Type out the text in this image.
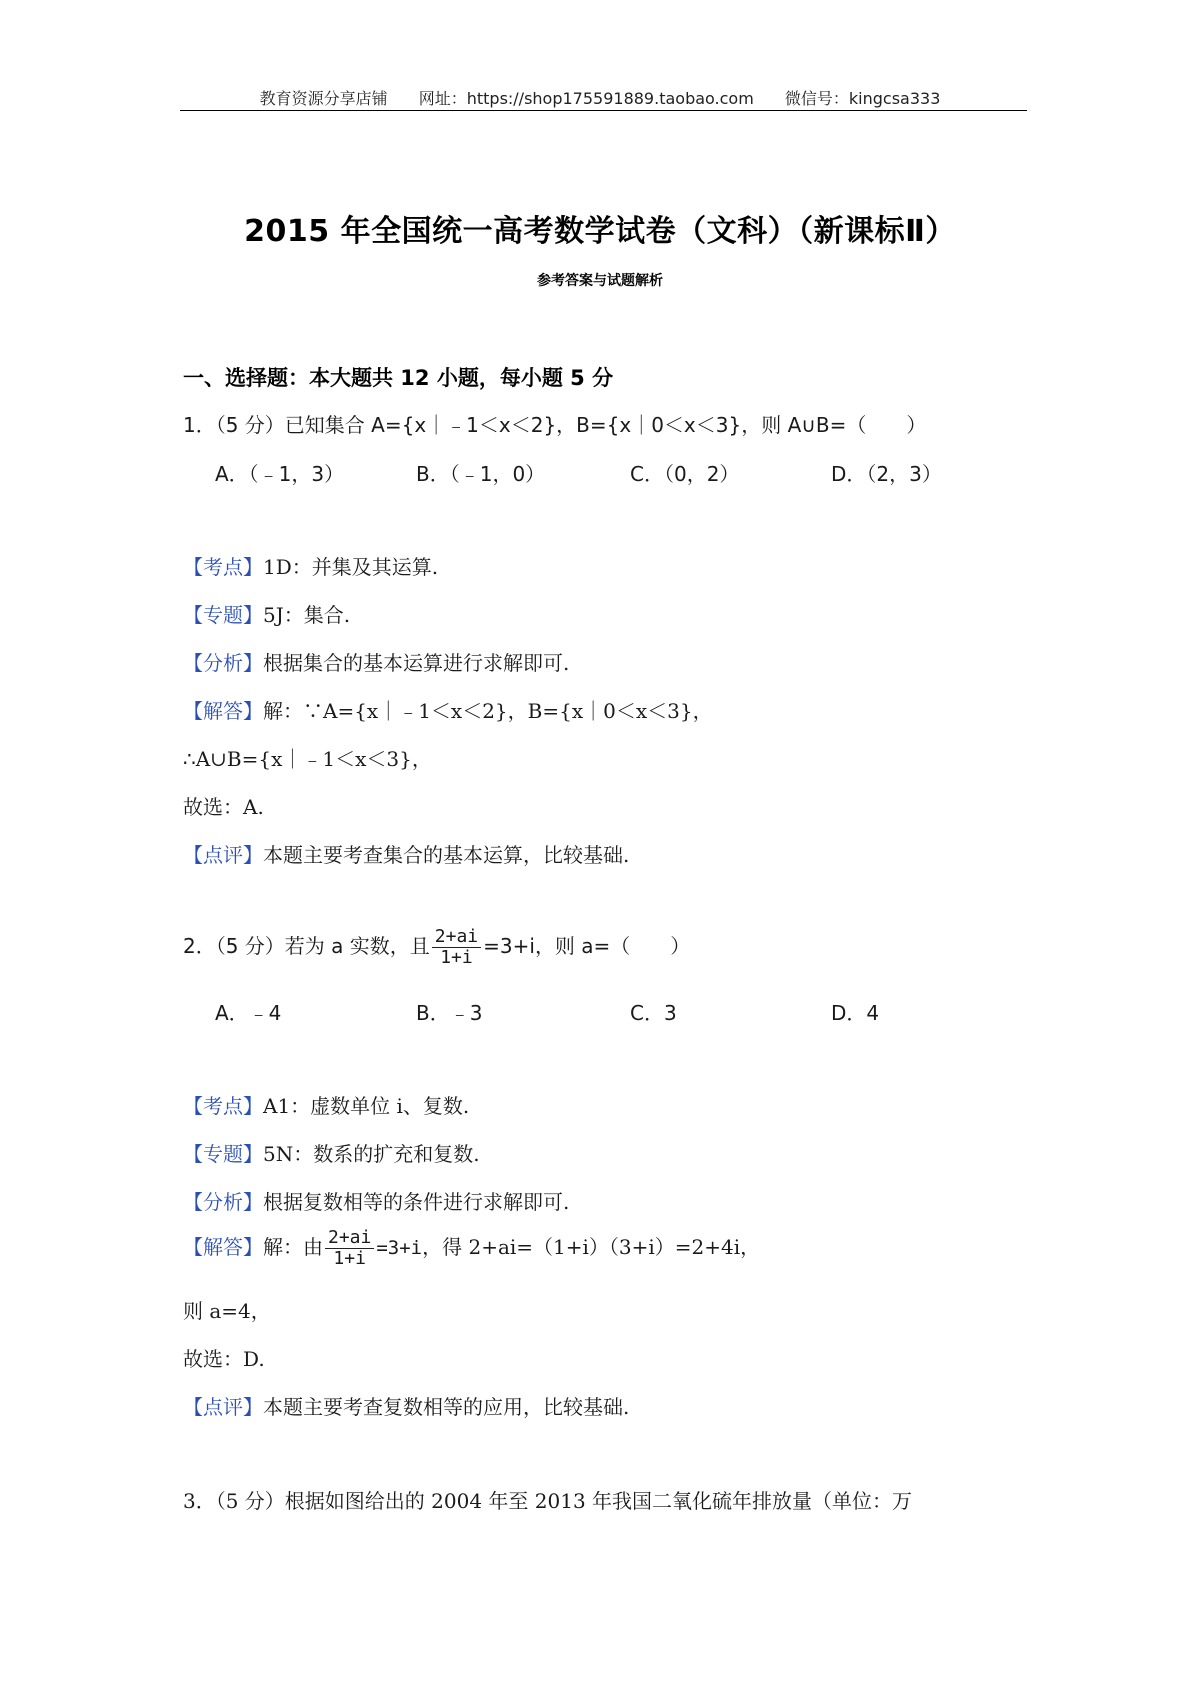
教育资源分享店铺 网址：https://shop175591889.taobao.com 微信号：kingcsa333
2015 年全国统一高考数学试卷（文科）（新课标Ⅱ）
参考答案与试题解析
一、选择题：本大题共 12 小题，每小题 5 分
1．（5 分）已知集合 A={x｜﹣1＜x＜2}，B={x｜0＜x＜3}，则 A∪B=（　　）
A．（﹣1，3）	B．（﹣1，0）	C．（0，2）	D．（2，3）
【考点】1D：并集及其运算.
【专题】5J：集合.
【分析】根据集合的基本运算进行求解即可.
【解答】解：∵A={x｜﹣1＜x＜2}，B={x｜0＜x＜3}，
∴A∪B={x｜﹣1＜x＜3}，
故选：A.
【点评】本题主要考查集合的基本运算，比较基础.
2．（5 分）若为 a 实数，且 $\frac{2+ai}{1+i} =3+i$，则 a=（　　）
A．﹣4	B．﹣3	C．3	D．4
【考点】A1：虚数单位 i、复数.
【专题】5N：数系的扩充和复数.
【分析】根据复数相等的条件进行求解即可.
【解答】解：由 $\frac{2+ai}{1+i} =3+i$，得 2+ai=（1+i）（3+i）=2+4i，
则 a=4，
故选：D.
【点评】本题主要考查复数相等的应用，比较基础.
3．（5 分）根据如图给出的 2004 年至 2013 年我国二氧化硫年排放量（单位：万
